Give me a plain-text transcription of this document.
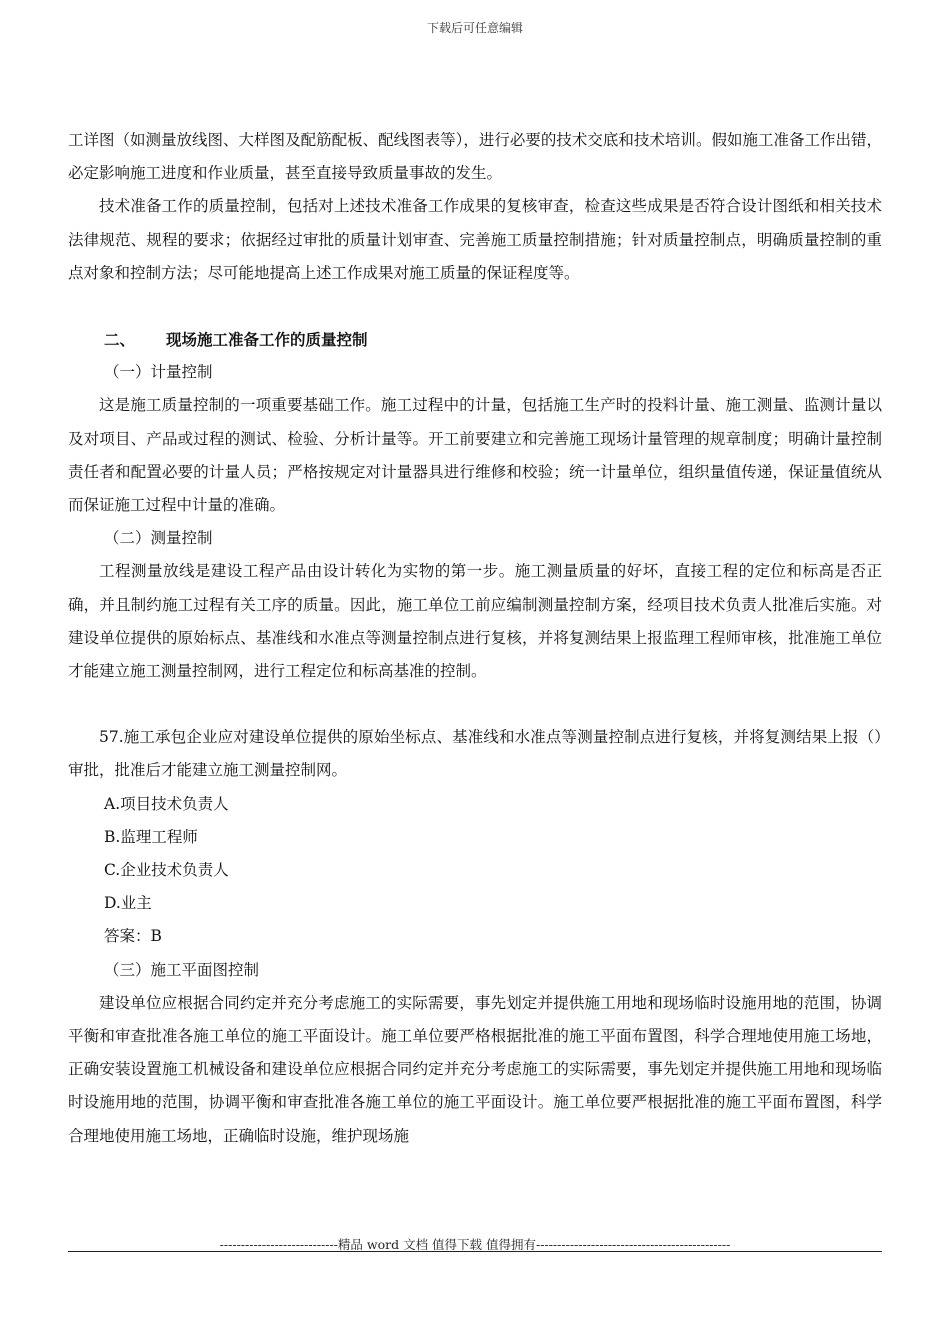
下载后可任意编辑

工详图（如测量放线图、大样图及配筋配板、配线图表等），进行必要的技术交底和技术培训。假如施工准备工作出错，必定影响施工进度和作业质量，甚至直接导致质量事故的发生。

技术准备工作的质量控制，包括对上述技术准备工作成果的复核审查，检查这些成果是否符合设计图纸和相关技术法律规范、规程的要求；依据经过审批的质量计划审查、完善施工质量控制措施；针对质量控制点，明确质量控制的重点对象和控制方法；尽可能地提高上述工作成果对施工质量的保证程度等。

二、 现场施工准备工作的质量控制

（一）计量控制

这是施工质量控制的一项重要基础工作。施工过程中的计量，包括施工生产时的投料计量、施工测量、监测计量以及对项目、产品或过程的测试、检验、分析计量等。开工前要建立和完善施工现场计量管理的规章制度；明确计量控制责任者和配置必要的计量人员；严格按规定对计量器具进行维修和校验；统一计量单位，组织量值传递，保证量值统从而保证施工过程中计量的准确。

（二）测量控制

工程测量放线是建设工程产品由设计转化为实物的第一步。施工测量质量的好坏，直接工程的定位和标高是否正确，并且制约施工过程有关工序的质量。因此，施工单位工前应编制测量控制方案，经项目技术负责人批准后实施。对建设单位提供的原始标点、基准线和水准点等测量控制点进行复核，并将复测结果上报监理工程师审核，批准施工单位才能建立施工测量控制网，进行工程定位和标高基准的控制。

57.施工承包企业应对建设单位提供的原始坐标点、基准线和水准点等测量控制点进行复核，并将复测结果上报（）审批，批准后才能建立施工测量控制网。

A.项目技术负责人

B.监理工程师

C.企业技术负责人

D.业主

答案：B

（三）施工平面图控制

建设单位应根据合同约定并充分考虑施工的实际需要，事先划定并提供施工用地和现场临时设施用地的范围，协调平衡和审查批准各施工单位的施工平面设计。施工单位要严格根据批准的施工平面布置图，科学合理地使用施工场地，正确安装设置施工机械设备和建设单位应根据合同约定并充分考虑施工的实际需要，事先划定并提供施工用地和现场临时设施用地的范围，协调平衡和审查批准各施工单位的施工平面设计。施工单位要严根据批准的施工平面布置图，科学合理地使用施工场地，正确临时设施，维护现场施

----------------------------精品 word 文档 值得下载 值得拥有----------------------------------------------
